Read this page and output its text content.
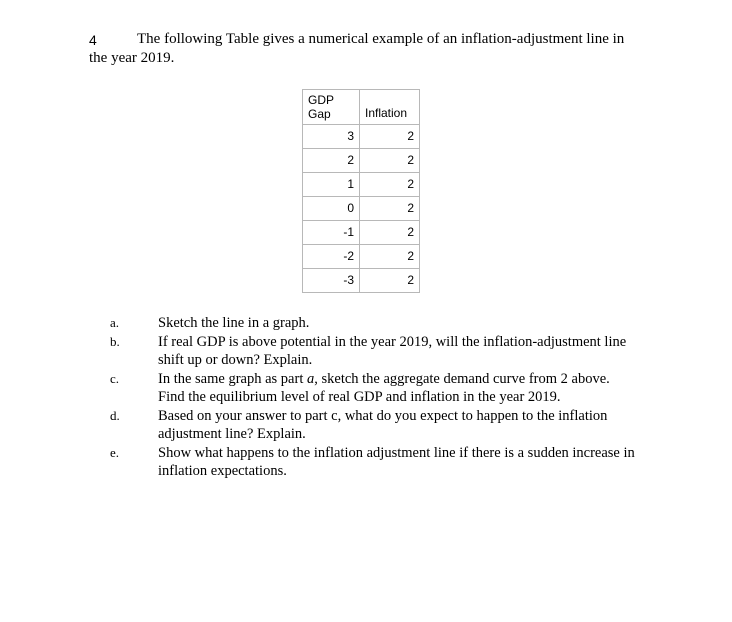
4	The following Table gives a numerical example of an inflation-adjustment line in
the year 2019.
GDP Gap	Inflation
3	2
2	2
1	2
0	2
-1	2
-2	2
-3	2
a.	Sketch the line in a graph.
b.	If real GDP is above potential in the year 2019, will the inflation-adjustment line shift up or down? Explain.
c.	In the same graph as part a, sketch the aggregate demand curve from 2 above. Find the equilibrium level of real GDP and inflation in the year 2019.
d.	Based on your answer to part c, what do you expect to happen to the inflation adjustment line? Explain.
e.	Show what happens to the inflation adjustment line if there is a sudden increase in inflation expectations.
